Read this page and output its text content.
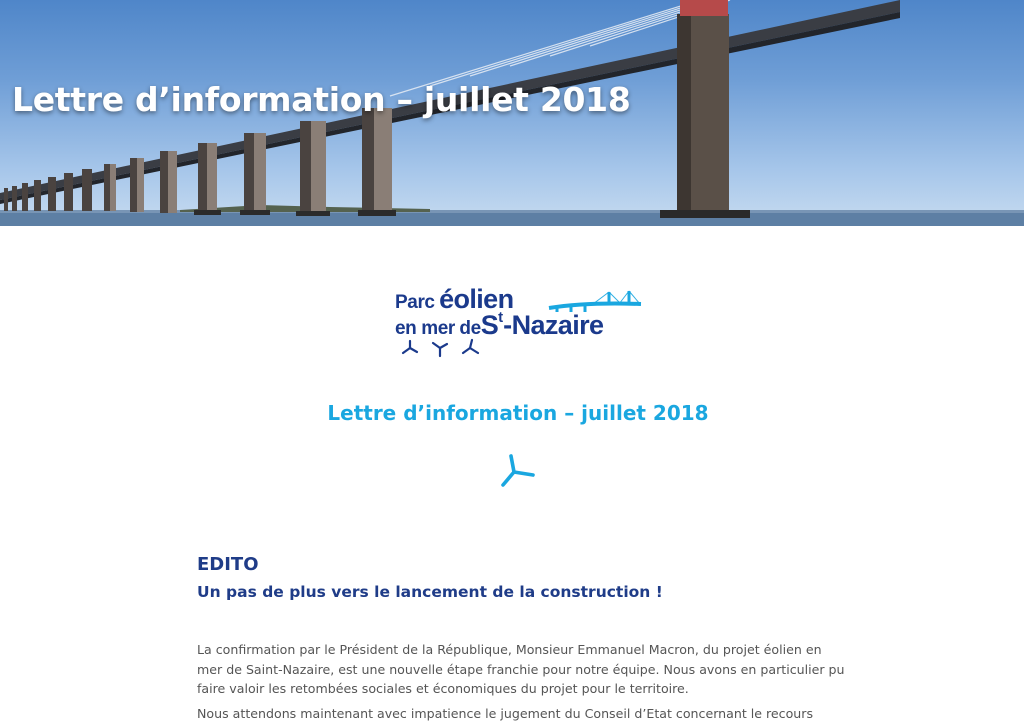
Lettre d’information – juillet 2018
Parc éolien
en mer deSt-Nazaire
Lettre d’information – juillet 2018
EDITO
Un pas de plus vers le lancement de la construction !

La confirmation par le Président de la République, Monsieur Emmanuel Macron, du projet éolien en mer de Saint-Nazaire, est une nouvelle étape franchie pour notre équipe. Nous avons en particulier pu faire valoir les retombées sociales et économiques du projet pour le territoire.

Nous attendons maintenant avec impatience le jugement du Conseil d’Etat concernant le recours
